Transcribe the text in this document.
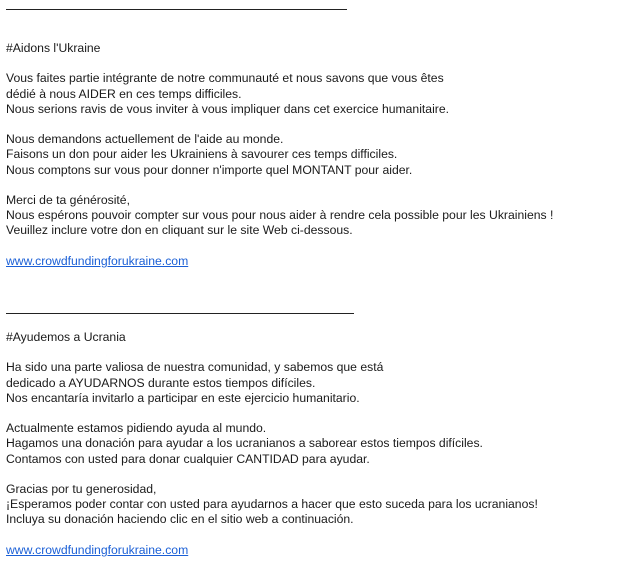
#Aidons l'Ukraine
Vous faites partie intégrante de notre communauté et nous savons que vous êtes
dédié à nous AIDER en ces temps difficiles.
Nous serions ravis de vous inviter à vous impliquer dans cet exercice humanitaire.
Nous demandons actuellement de l'aide au monde.
Faisons un don pour aider les Ukrainiens à savourer ces temps difficiles.
Nous comptons sur vous pour donner n'importe quel MONTANT pour aider.
Merci de ta générosité,
Nous espérons pouvoir compter sur vous pour nous aider à rendre cela possible pour les Ukrainiens !
Veuillez inclure votre don en cliquant sur le site Web ci-dessous.
www.crowdfundingforukraine.com
#Ayudemos a Ucrania
Ha sido una parte valiosa de nuestra comunidad, y sabemos que está
dedicado a AYUDARNOS durante estos tiempos difíciles.
Nos encantaría invitarlo a participar en este ejercicio humanitario.
Actualmente estamos pidiendo ayuda al mundo.
Hagamos una donación para ayudar a los ucranianos a saborear estos tiempos difíciles.
Contamos con usted para donar cualquier CANTIDAD para ayudar.
Gracias por tu generosidad,
¡Esperamos poder contar con usted para ayudarnos a hacer que esto suceda para los ucranianos!
Incluya su donación haciendo clic en el sitio web a continuación.
www.crowdfundingforukraine.com
